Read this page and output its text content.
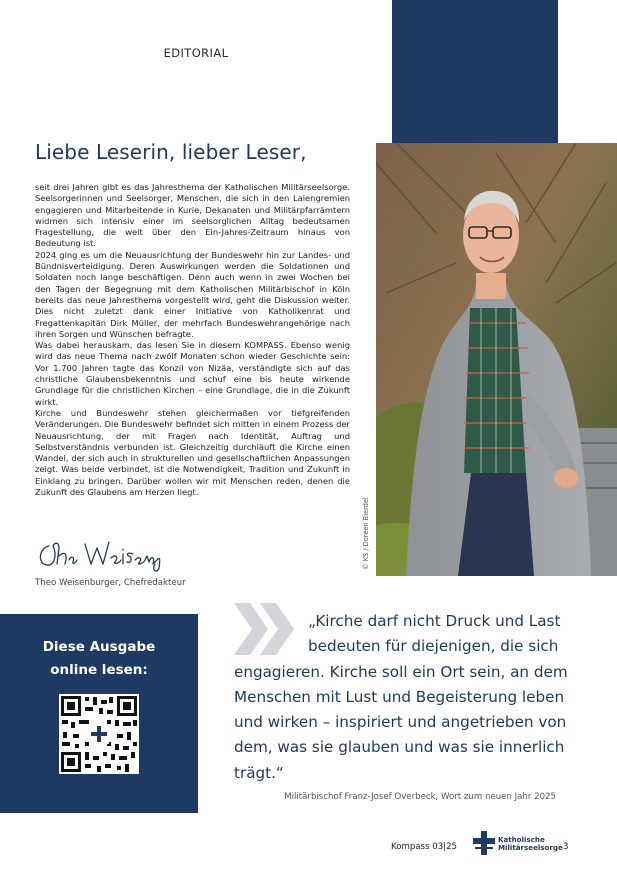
EDITORIAL
Liebe Leserin, lieber Leser,

seit drei Jahren gibt es das Jahresthema der Katholischen Militärseelsorge. Seelsorgerinnen und Seelsorger, Menschen, die sich in den Laiengremien engagieren und Mitarbeitende in Kurie, Dekanaten und Militärpfarrämtern widmen sich intensiv einer im seelsorglichen Alltag bedeutsamen Fragestellung, die weit über den Ein-Jahres-Zeitraum hinaus von Bedeutung ist.

2024 ging es um die Neuausrichtung der Bundeswehr hin zur Landes- und Bündnisverteidigung. Deren Auswirkungen werden die Soldatinnen und Soldaten noch lange beschäftigen. Denn auch wenn in zwei Wochen bei den Tagen der Begegnung mit dem Katholischen Militärbischof in Köln bereits das neue Jahresthema vorgestellt wird, geht die Diskussion weiter. Dies nicht zuletzt dank einer Initiative von Katholikenrat und Fregattenkapitän Dirk Müller, der mehrfach Bundeswehrangehörige nach ihren Sorgen und Wünschen befragte.

Was dabei herauskam, das lesen Sie in diesem KOMPASS. Ebenso wenig wird das neue Thema nach zwölf Monaten schon wieder Geschichte sein: Vor 1.700 Jahren tagte das Konzil von Nizäa, verständigte sich auf das christliche Glaubensbekenntnis und schuf eine bis heute wirkende Grundlage für die christlichen Kirchen – eine Grundlage, die in die Zukunft wirkt.

Kirche und Bundeswehr stehen gleichermaßen vor tiefgreifenden Veränderungen. Die Bundeswehr befindet sich mitten in einem Prozess der Neuausrichtung, der mit Fragen nach Identität, Auftrag und Selbstverständnis verbunden ist. Gleichzeitig durchläuft die Kirche einen Wandel, der sich auch in strukturellen und gesellschaftlichen Anpassungen zeigt. Was beide verbindet, ist die Notwendigkeit, Tradition und Zukunft in Einklang zu bringen. Darüber wollen wir mit Menschen reden, denen die Zukunft des Glaubens am Herzen liegt.

Theo Weisenburger, Chefredakteur
© KS / Doreen Bierdel
Diese Ausgabe
online lesen:
„Kirche darf nicht Druck und Last
bedeuten für diejenigen, die sich
engagieren. Kirche soll ein Ort sein, an dem
Menschen mit Lust und Begeisterung leben
und wirken – inspiriert und angetrieben von
dem, was sie glauben und was sie innerlich
trägt.“
Militärbischof Franz-Josef Overbeck, Wort zum neuen Jahr 2025
Kompass 03|25
Katholische
Militärseelsorge 3
